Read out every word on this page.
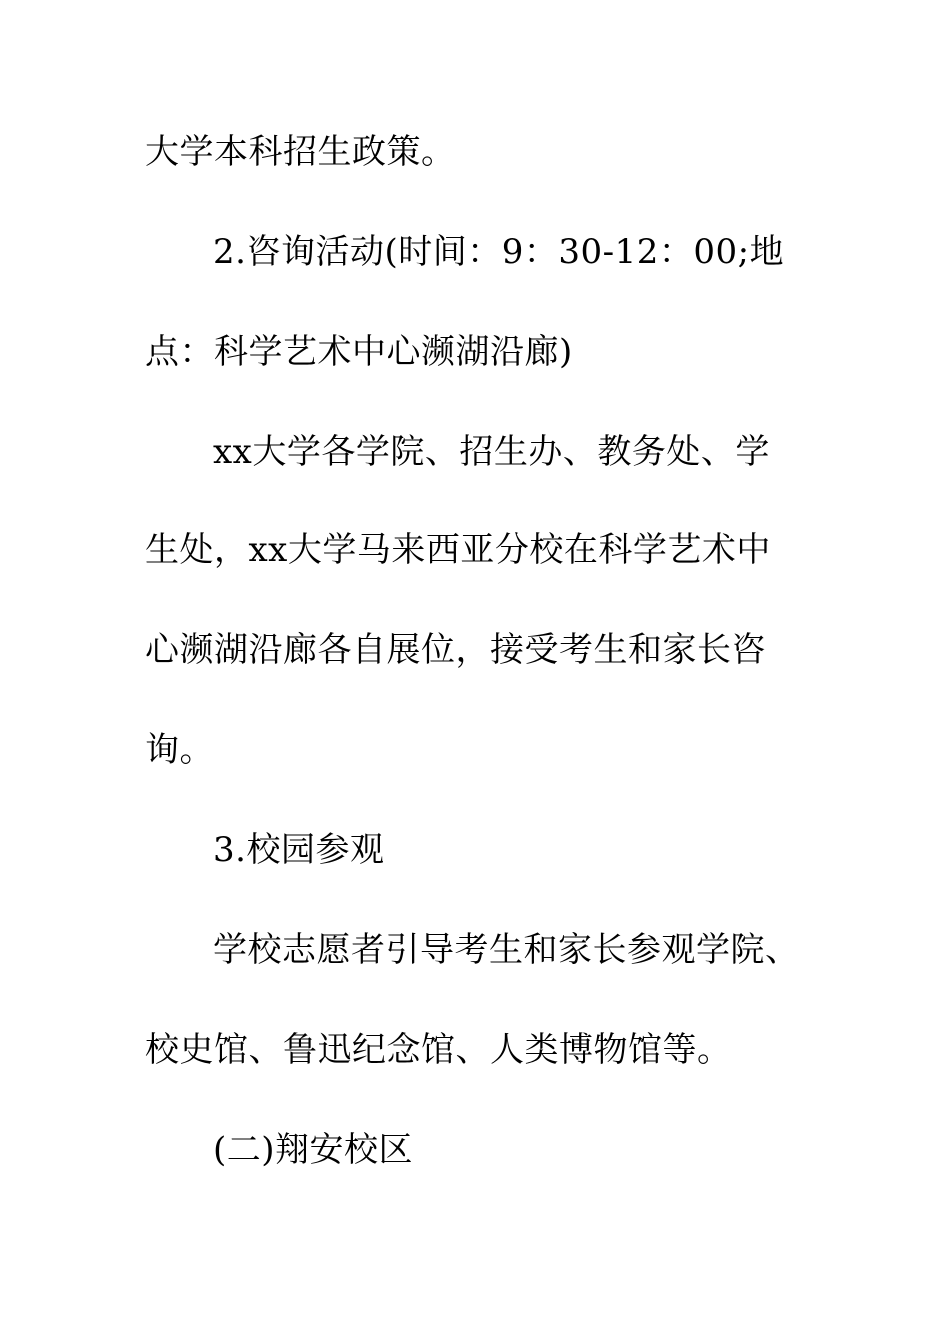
大学本科招生政策。
2.咨询活动(时间：9：30-12：00;地
点：科学艺术中心濒湖沿廊)
xx大学各学院、招生办、教务处、学
生处，xx大学马来西亚分校在科学艺术中
心濒湖沿廊各自展位，接受考生和家长咨
询。
3.校园参观
学校志愿者引导考生和家长参观学院、
校史馆、鲁迅纪念馆、人类博物馆等。
(二)翔安校区
